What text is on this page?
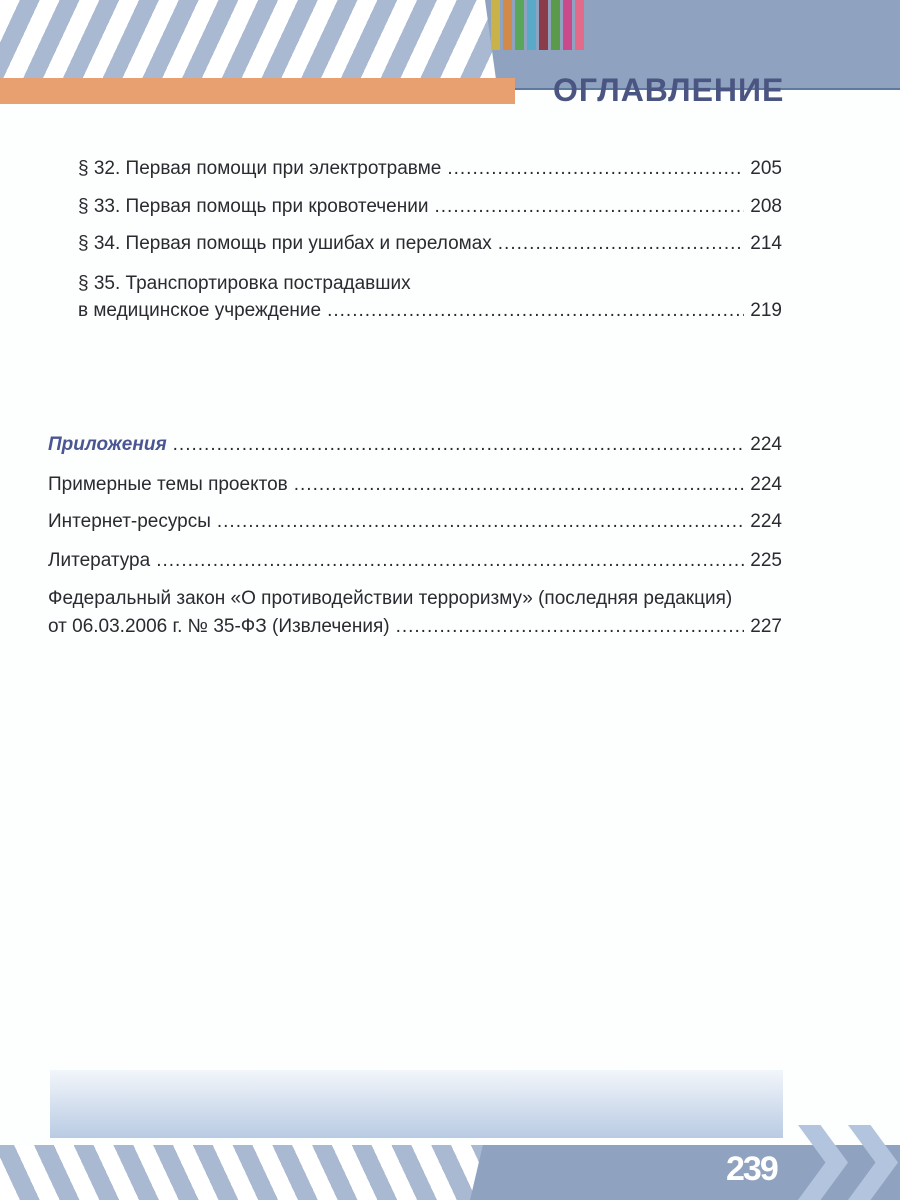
ОГЛАВЛЕНИЕ
§ 32. Первая помощи при электротравме .....	205
§ 33. Первая помощь при кровотечении .....	208
§ 34. Первая помощь при ушибах и переломах .....	214
§ 35. Транспортировка пострадавших
в медицинское учреждение .....	219
Приложения .....	224
Примерные темы проектов .....	224
Интернет-ресурсы .....	224
Литература .....	225
Федеральный закон «О противодействии терроризму» (последняя редакция)
от 06.03.2006 г. № 35-ФЗ (Извлечения) .....	227
239
